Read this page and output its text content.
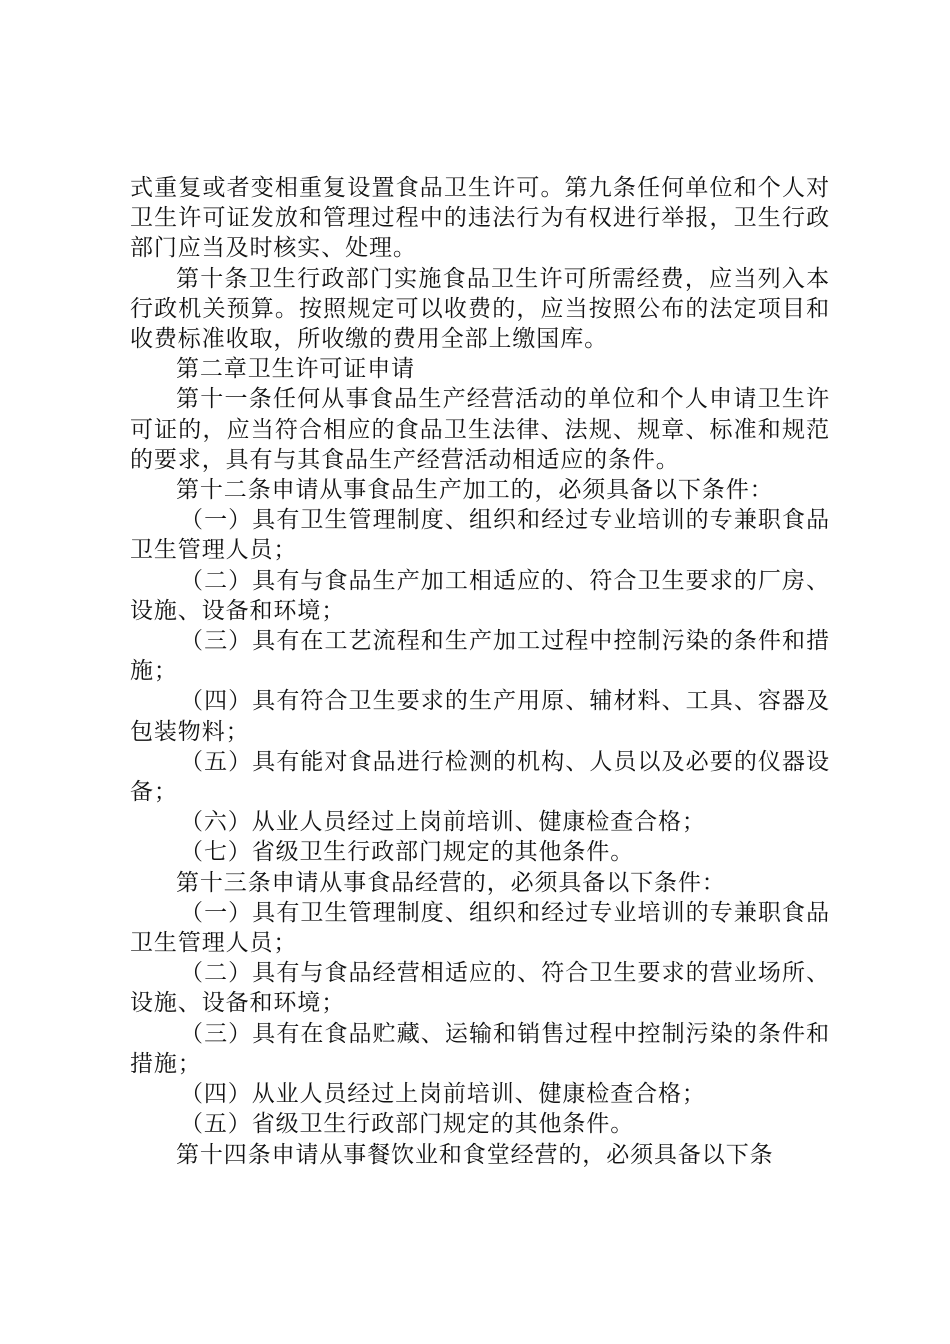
式重复或者变相重复设置食品卫生许可。第九条任何单位和个人对卫生许可证发放和管理过程中的违法行为有权进行举报，卫生行政部门应当及时核实、处理。

第十条卫生行政部门实施食品卫生许可所需经费，应当列入本行政机关预算。按照规定可以收费的，应当按照公布的法定项目和收费标准收取，所收缴的费用全部上缴国库。

第二章卫生许可证申请

第十一条任何从事食品生产经营活动的单位和个人申请卫生许可证的，应当符合相应的食品卫生法律、法规、规章、标准和规范的要求，具有与其食品生产经营活动相适应的条件。

第十二条申请从事食品生产加工的，必须具备以下条件：

（一）具有卫生管理制度、组织和经过专业培训的专兼职食品卫生管理人员；

（二）具有与食品生产加工相适应的、符合卫生要求的厂房、设施、设备和环境；

（三）具有在工艺流程和生产加工过程中控制污染的条件和措施；

（四）具有符合卫生要求的生产用原、辅材料、工具、容器及包装物料；

（五）具有能对食品进行检测的机构、人员以及必要的仪器设备；

（六）从业人员经过上岗前培训、健康检查合格；

（七）省级卫生行政部门规定的其他条件。

第十三条申请从事食品经营的，必须具备以下条件：

（一）具有卫生管理制度、组织和经过专业培训的专兼职食品卫生管理人员；

（二）具有与食品经营相适应的、符合卫生要求的营业场所、设施、设备和环境；

（三）具有在食品贮藏、运输和销售过程中控制污染的条件和措施；

（四）从业人员经过上岗前培训、健康检查合格；

（五）省级卫生行政部门规定的其他条件。

第十四条申请从事餐饮业和食堂经营的，必须具备以下条
